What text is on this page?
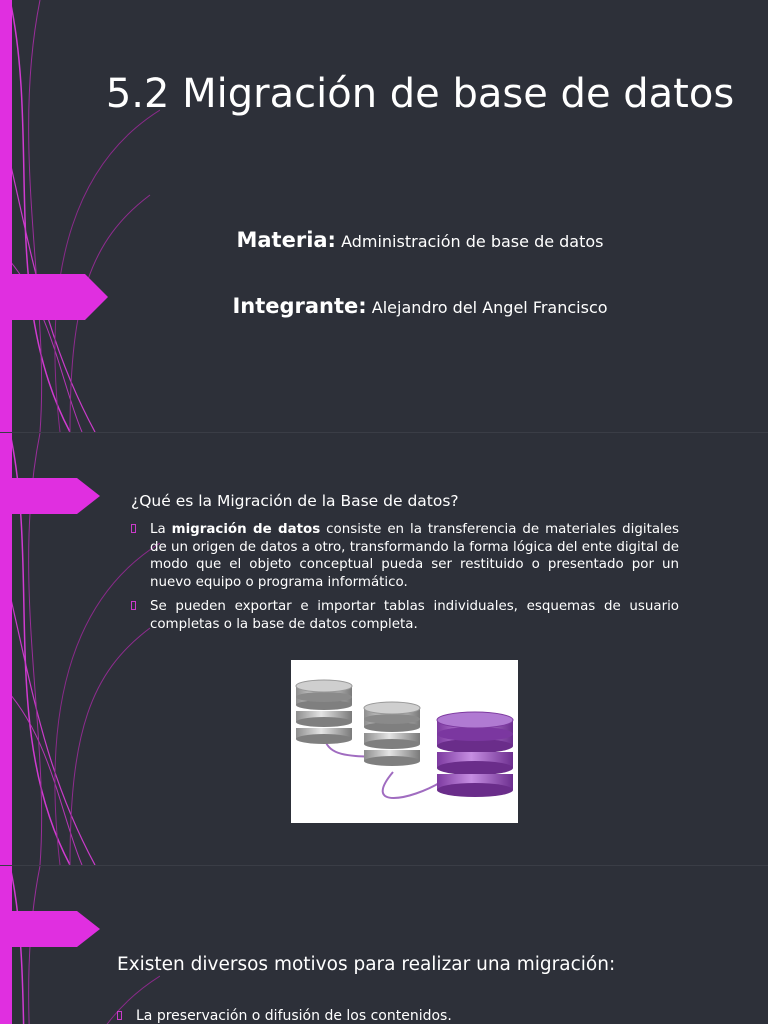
5.2 Migración de base de datos
Materia: Administración de base de datos
Integrante: Alejandro del Angel Francisco
¿Qué es la Migración de la Base de datos?
La migración de datos consiste en la transferencia de materiales digitales de un origen de datos a otro, transformando la forma lógica del ente digital de modo que el objeto conceptual pueda ser restituido o presentado por un nuevo equipo o programa informático.
Se pueden exportar e importar tablas individuales, esquemas de usuario completas o la base de datos completa.
Existen diversos motivos para realizar una migración:
La preservación o difusión de los contenidos.
